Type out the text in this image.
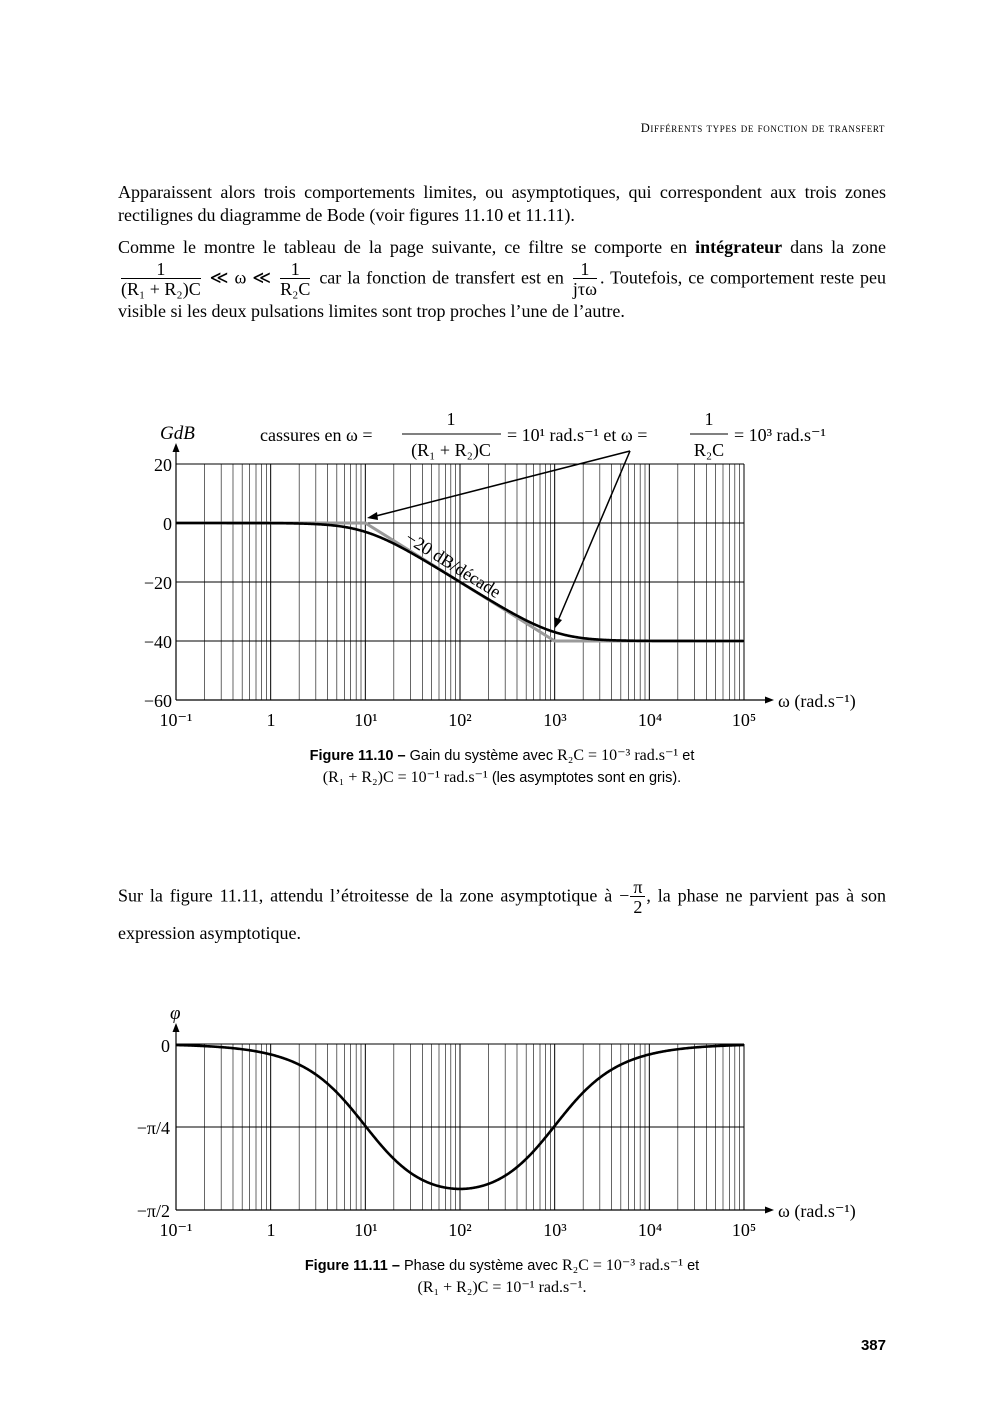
Différents types de fonction de transfert
Apparaissent alors trois comportements limites, ou asymptotiques, qui correspondent aux trois zones rectilignes du diagramme de Bode (voir figures 11.10 et 11.11).
Comme le montre le tableau de la page suivante, ce filtre se comporte en intégrateur dans la zone
$\frac{1}{\text{(R₁ + R₂)C}}$ ≪ ω ≪ $\frac{1}{\text{R₂C}}$ car la fonction de transfert est en $\frac{1}{\text{jτω}}$ . Toutefois, ce comportement reste peu visible si les deux pulsations limites sont trop proches l’une de l’autre.
GdB
20
0
−20
−40
−60
10⁻¹	1	10¹	10²	10³	10⁴	10⁵
ω (rad.s⁻¹)
cassures en ω =
1
(R₁ + R₂)C
= 10¹ rad.s⁻¹ et ω =
1
R₂C
= 10³ rad.s⁻¹
−20 dB/décade
Figure 11.10 – Gain du système avec R₂C = 10⁻³ rad.s⁻¹ et
(R₁ + R₂)C = 10⁻¹ rad.s⁻¹ (les asymptotes sont en gris).
Sur la figure 11.11, attendu l’étroitesse de la zone asymptotique à − $\frac{\pi}{2}$ , la phase ne parvient pas à son expression asymptotique.
φ
0
−π/4
−π/2
10⁻¹	1	10¹	10²	10³	10⁴	10⁵
ω (rad.s⁻¹)
Figure 11.11 – Phase du système avec R₂C = 10⁻³ rad.s⁻¹ et
(R₁ + R₂)C = 10⁻¹ rad.s⁻¹.
387
